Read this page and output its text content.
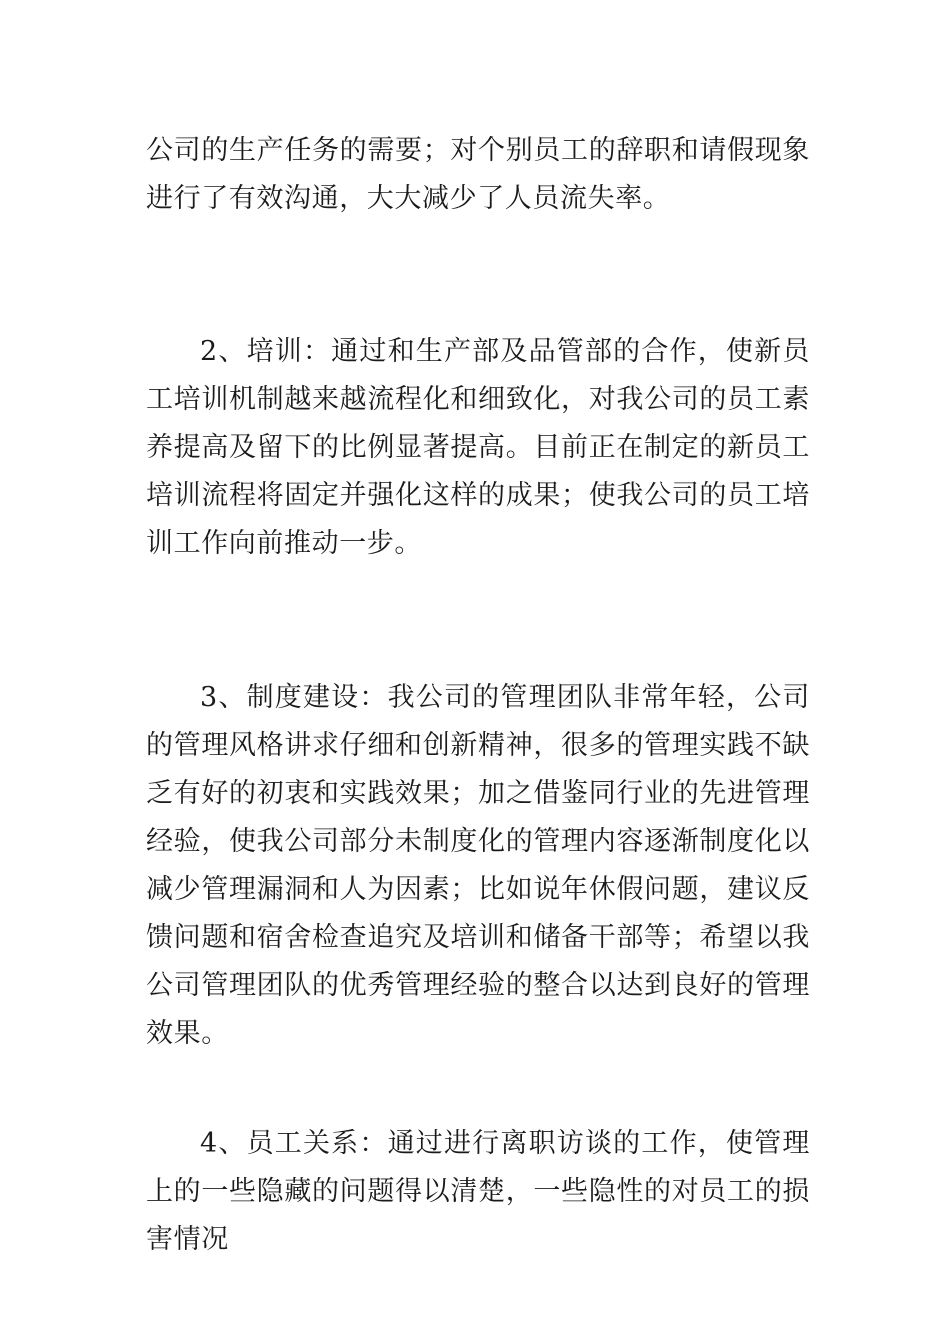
公司的生产任务的需要；对个别员工的辞职和请假现象进行了有效沟通，大大减少了人员流失率。

2、培训：通过和生产部及品管部的合作，使新员工培训机制越来越流程化和细致化，对我公司的员工素养提高及留下的比例显著提高。目前正在制定的新员工培训流程将固定并强化这样的成果；使我公司的员工培训工作向前推动一步。

3、制度建设：我公司的管理团队非常年轻，公司的管理风格讲求仔细和创新精神，很多的管理实践不缺乏有好的初衷和实践效果；加之借鉴同行业的先进管理经验，使我公司部分未制度化的管理内容逐渐制度化以减少管理漏洞和人为因素；比如说年休假问题，建议反馈问题和宿舍检查追究及培训和储备干部等；希望以我公司管理团队的优秀管理经验的整合以达到良好的管理效果。

4、员工关系：通过进行离职访谈的工作，使管理上的一些隐藏的问题得以清楚，一些隐性的对员工的损害情况
